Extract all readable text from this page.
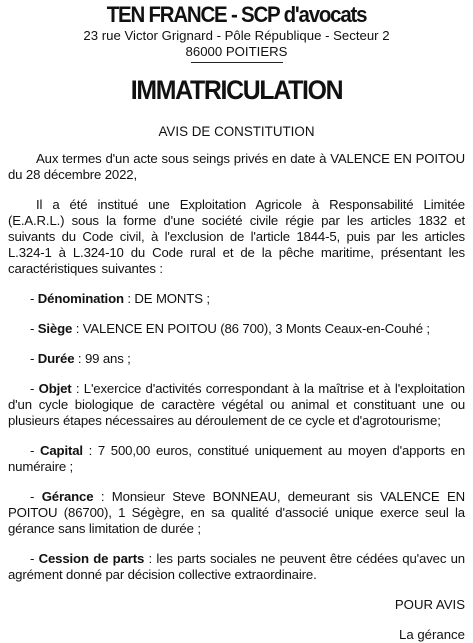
TEN FRANCE - SCP d'avocats

23 rue Victor Grignard - Pôle République - Secteur 2

86000 POITIERS

IMMATRICULATION

AVIS DE CONSTITUTION

Aux termes d'un acte sous seings privés en date à VALENCE EN POITOU du 28 décembre 2022,

Il a été institué une Exploitation Agricole à Responsabilité Limitée (E.A.R.L.) sous la forme d'une société civile régie par les articles 1832 et suivants du Code civil, à l'exclusion de l'article 1844-5, puis par les articles L.324-1 à L.324-10 du Code rural et de la pêche maritime, présentant les caractéristiques suivantes :

- Dénomination : DE MONTS ;

- Siège : VALENCE EN POITOU (86 700), 3 Monts Ceaux-en-Couhé ;

- Durée : 99 ans ;

- Objet : L'exercice d'activités correspondant à la maîtrise et à l'exploitation d'un cycle biologique de caractère végétal ou animal et constituant une ou plusieurs étapes nécessaires au déroulement de ce cycle et d'agrotourisme;

- Capital : 7 500,00 euros, constitué uniquement au moyen d'apports en numéraire ;

- Gérance : Monsieur Steve BONNEAU, demeurant sis VALENCE EN POITOU (86700), 1 Ségègre, en sa qualité d'associé unique exerce seul la gérance sans limitation de durée ;

- Cession de parts : les parts sociales ne peuvent être cédées qu'avec un agrément donné par décision collective extraordinaire.

POUR AVIS

La gérance
